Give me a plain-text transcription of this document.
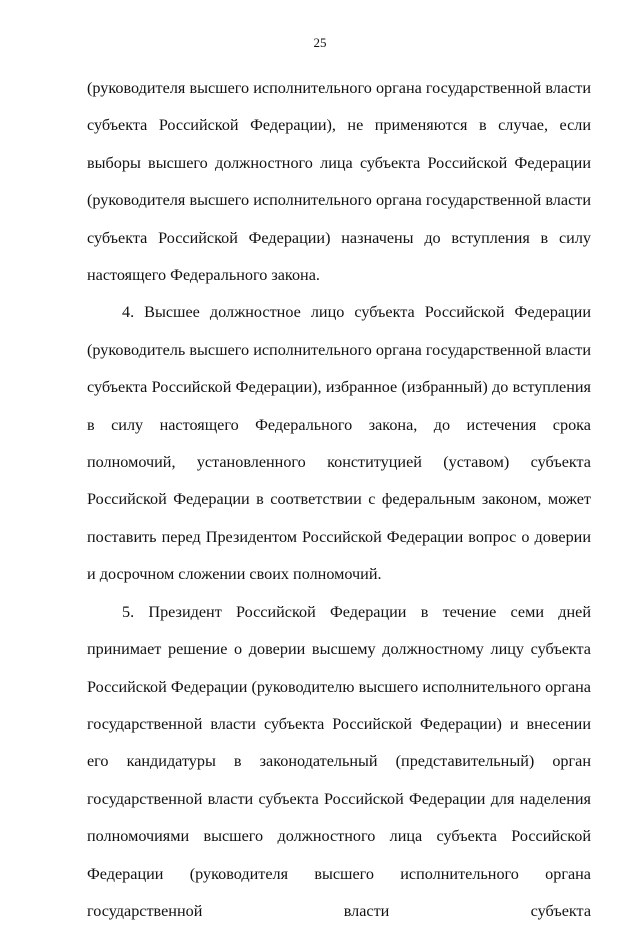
25

(руководителя высшего исполнительного органа государственной власти субъекта Российской Федерации), не применяются в случае, если выборы высшего должностного лица субъекта Российской Федерации (руководителя высшего исполнительного органа государственной власти субъекта Российской Федерации) назначены до вступления в силу настоящего Федерального закона.

4. Высшее должностное лицо субъекта Российской Федерации (руководитель высшего исполнительного органа государственной власти субъекта Российской Федерации), избранное (избранный) до вступления в силу настоящего Федерального закона, до истечения срока полномочий, установленного конституцией (уставом) субъекта Российской Федерации в соответствии с федеральным законом, может поставить перед Президентом Российской Федерации вопрос о доверии и досрочном сложении своих полномочий.

5. Президент Российской Федерации в течение семи дней принимает решение о доверии высшему должностному лицу субъекта Российской Федерации (руководителю высшего исполнительного органа государственной власти субъекта Российской Федерации) и внесении его кандидатуры в законодательный (представительный) орган государственной власти субъекта Российской Федерации для наделения полномочиями высшего должностного лица субъекта Российской Федерации (руководителя высшего исполнительного органа государственной власти субъекта
